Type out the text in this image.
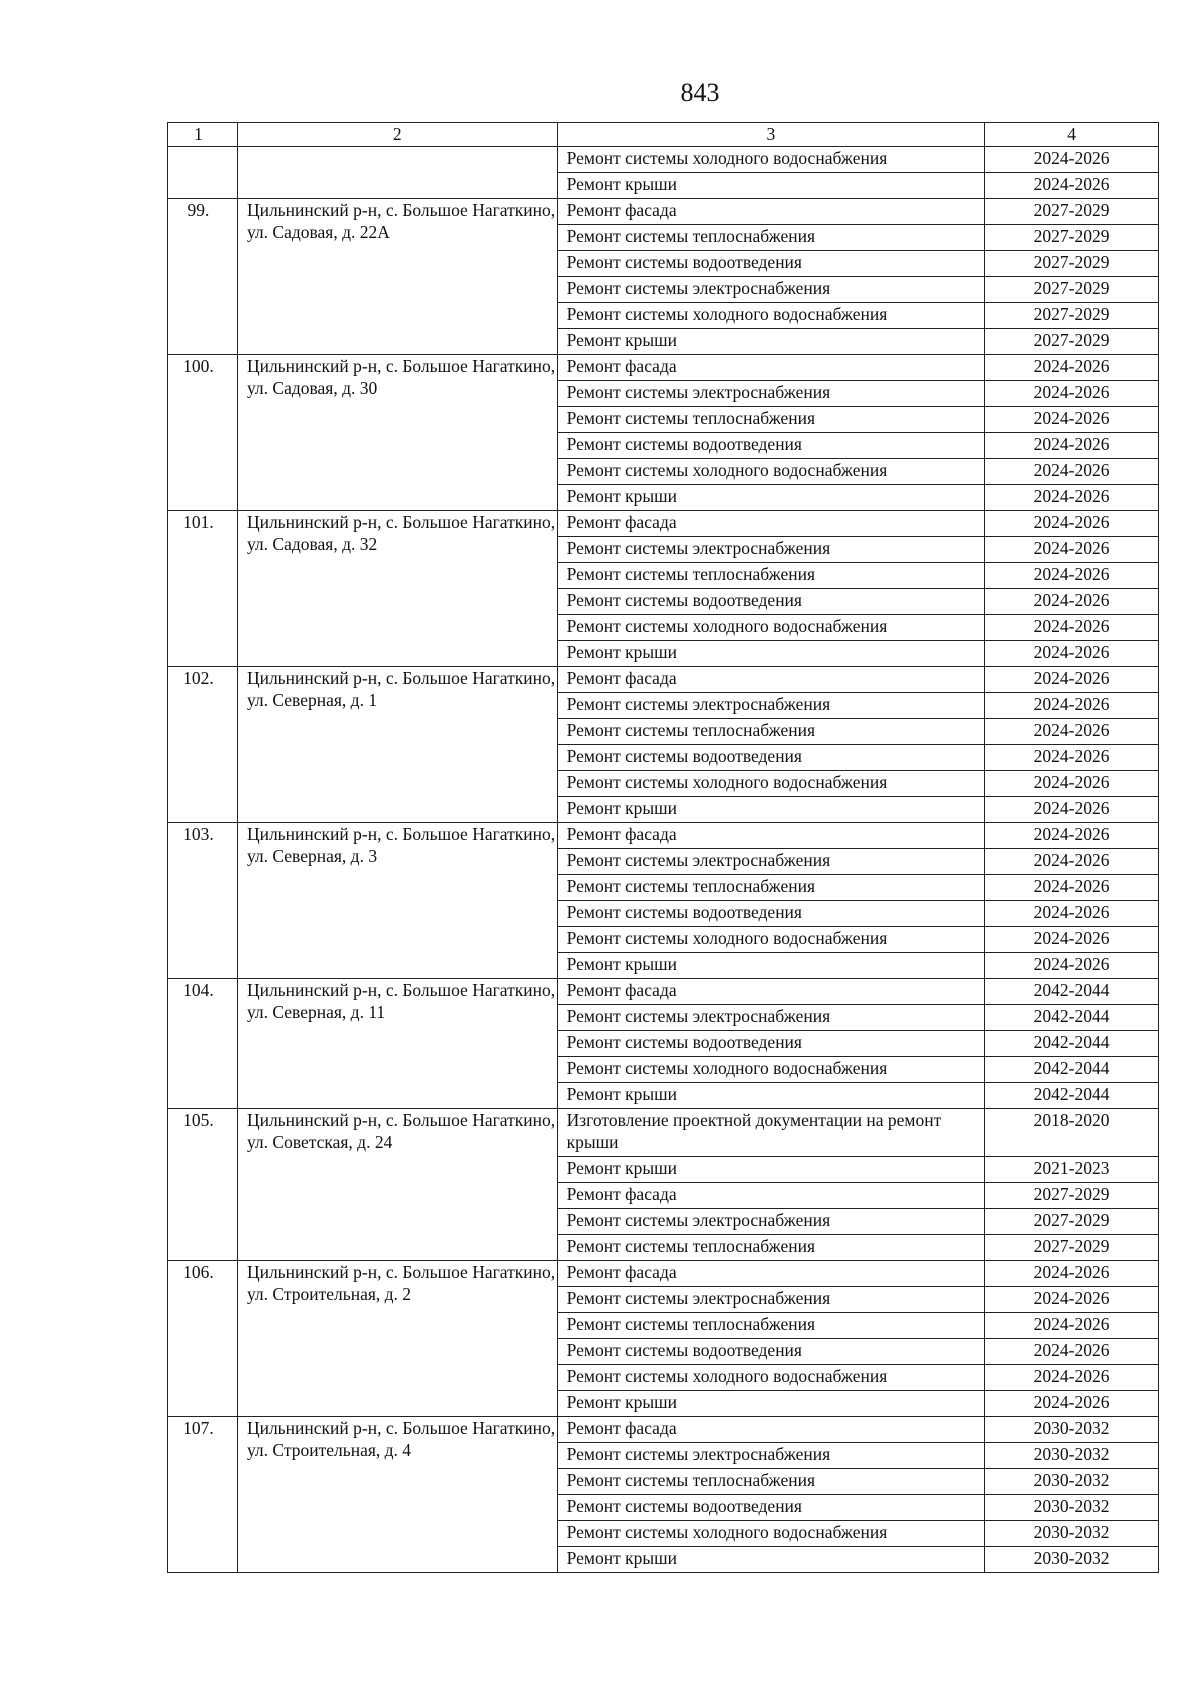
843
1	2	3	4
		Ремонт системы холодного водоснабжения	2024-2026
		Ремонт крыши	2024-2026
99.	Цильнинский р-н, с. Большое Нагаткино, ул. Садовая, д. 22А	Ремонт фасада	2027-2029
		Ремонт системы теплоснабжения	2027-2029
		Ремонт системы водоотведения	2027-2029
		Ремонт системы электроснабжения	2027-2029
		Ремонт системы холодного водоснабжения	2027-2029
		Ремонт крыши	2027-2029
100.	Цильнинский р-н, с. Большое Нагаткино, ул. Садовая, д. 30	Ремонт фасада	2024-2026
		Ремонт системы электроснабжения	2024-2026
		Ремонт системы теплоснабжения	2024-2026
		Ремонт системы водоотведения	2024-2026
		Ремонт системы холодного водоснабжения	2024-2026
		Ремонт крыши	2024-2026
101.	Цильнинский р-н, с. Большое Нагаткино, ул. Садовая, д. 32	Ремонт фасада	2024-2026
		Ремонт системы электроснабжения	2024-2026
		Ремонт системы теплоснабжения	2024-2026
		Ремонт системы водоотведения	2024-2026
		Ремонт системы холодного водоснабжения	2024-2026
		Ремонт крыши	2024-2026
102.	Цильнинский р-н, с. Большое Нагаткино, ул. Северная, д. 1	Ремонт фасада	2024-2026
		Ремонт системы электроснабжения	2024-2026
		Ремонт системы теплоснабжения	2024-2026
		Ремонт системы водоотведения	2024-2026
		Ремонт системы холодного водоснабжения	2024-2026
		Ремонт крыши	2024-2026
103.	Цильнинский р-н, с. Большое Нагаткино, ул. Северная, д. 3	Ремонт фасада	2024-2026
		Ремонт системы электроснабжения	2024-2026
		Ремонт системы теплоснабжения	2024-2026
		Ремонт системы водоотведения	2024-2026
		Ремонт системы холодного водоснабжения	2024-2026
		Ремонт крыши	2024-2026
104.	Цильнинский р-н, с. Большое Нагаткино, ул. Северная, д. 11	Ремонт фасада	2042-2044
		Ремонт системы электроснабжения	2042-2044
		Ремонт системы водоотведения	2042-2044
		Ремонт системы холодного водоснабжения	2042-2044
		Ремонт крыши	2042-2044
105.	Цильнинский р-н, с. Большое Нагаткино, ул. Советская, д. 24	Изготовление проектной документации на ремонт крыши	2018-2020
		Ремонт крыши	2021-2023
		Ремонт фасада	2027-2029
		Ремонт системы электроснабжения	2027-2029
		Ремонт системы теплоснабжения	2027-2029
106.	Цильнинский р-н, с. Большое Нагаткино, ул. Строительная, д. 2	Ремонт фасада	2024-2026
		Ремонт системы электроснабжения	2024-2026
		Ремонт системы теплоснабжения	2024-2026
		Ремонт системы водоотведения	2024-2026
		Ремонт системы холодного водоснабжения	2024-2026
		Ремонт крыши	2024-2026
107.	Цильнинский р-н, с. Большое Нагаткино, ул. Строительная, д. 4	Ремонт фасада	2030-2032
		Ремонт системы электроснабжения	2030-2032
		Ремонт системы теплоснабжения	2030-2032
		Ремонт системы водоотведения	2030-2032
		Ремонт системы холодного водоснабжения	2030-2032
		Ремонт крыши	2030-2032
